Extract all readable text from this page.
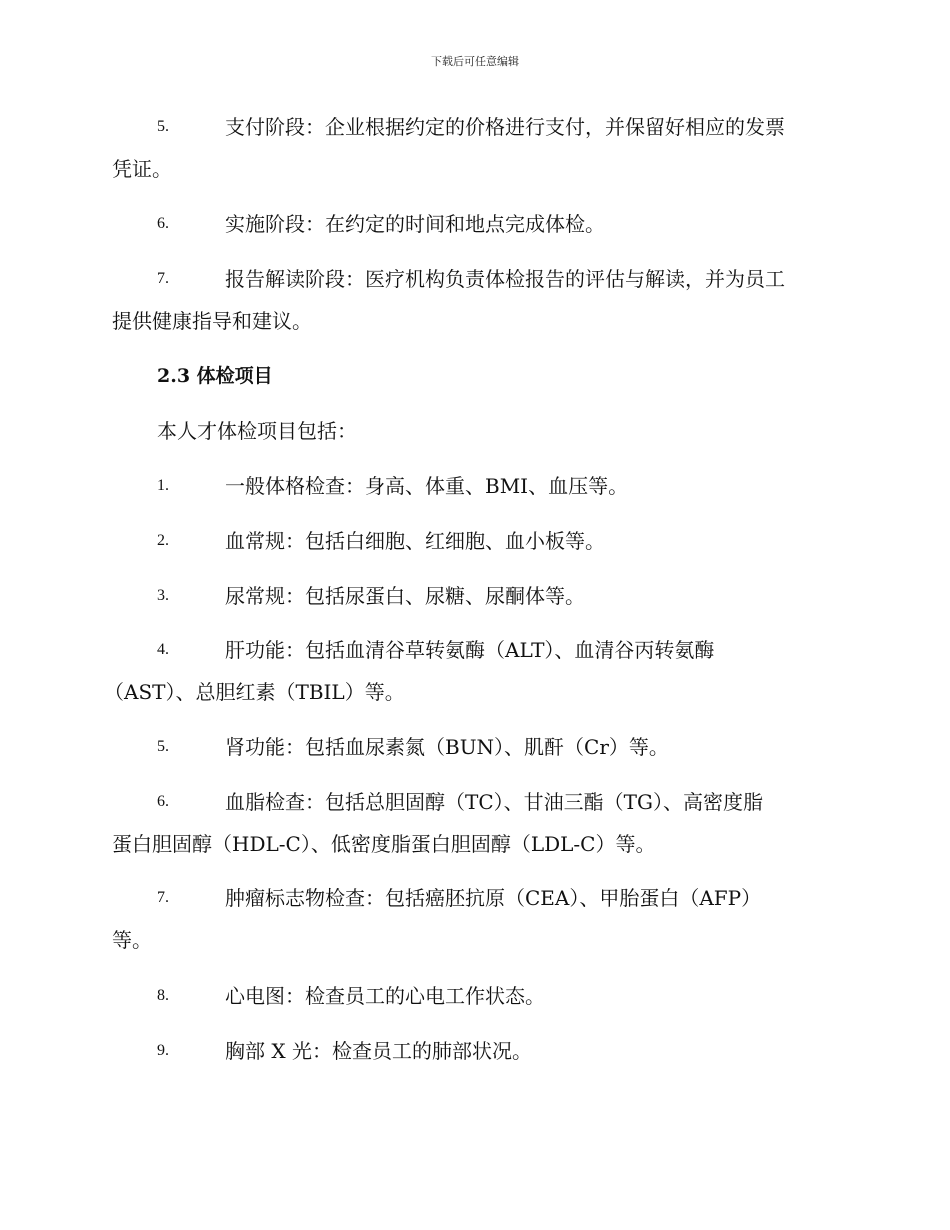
下载后可任意编辑
5.	支付阶段：企业根据约定的价格进行支付，并保留好相应的发票
凭证。
6.	实施阶段：在约定的时间和地点完成体检。
7.	报告解读阶段：医疗机构负责体检报告的评估与解读，并为员工
提供健康指导和建议。
2.3 体检项目
本人才体检项目包括：
1.	一般体格检查：身高、体重、BMI、血压等。
2.	血常规：包括白细胞、红细胞、血小板等。
3.	尿常规：包括尿蛋白、尿糖、尿酮体等。
4.	肝功能：包括血清谷草转氨酶（ALT）、血清谷丙转氨酶
（AST）、总胆红素（TBIL）等。
5.	肾功能：包括血尿素氮（BUN）、肌酐（Cr）等。
6.	血脂检查：包括总胆固醇（TC）、甘油三酯（TG）、高密度脂
蛋白胆固醇（HDL-C）、低密度脂蛋白胆固醇（LDL-C）等。
7.	肿瘤标志物检查：包括癌胚抗原（CEA）、甲胎蛋白（AFP）
等。
8.	心电图：检查员工的心电工作状态。
9.	胸部 X 光：检查员工的肺部状况。
